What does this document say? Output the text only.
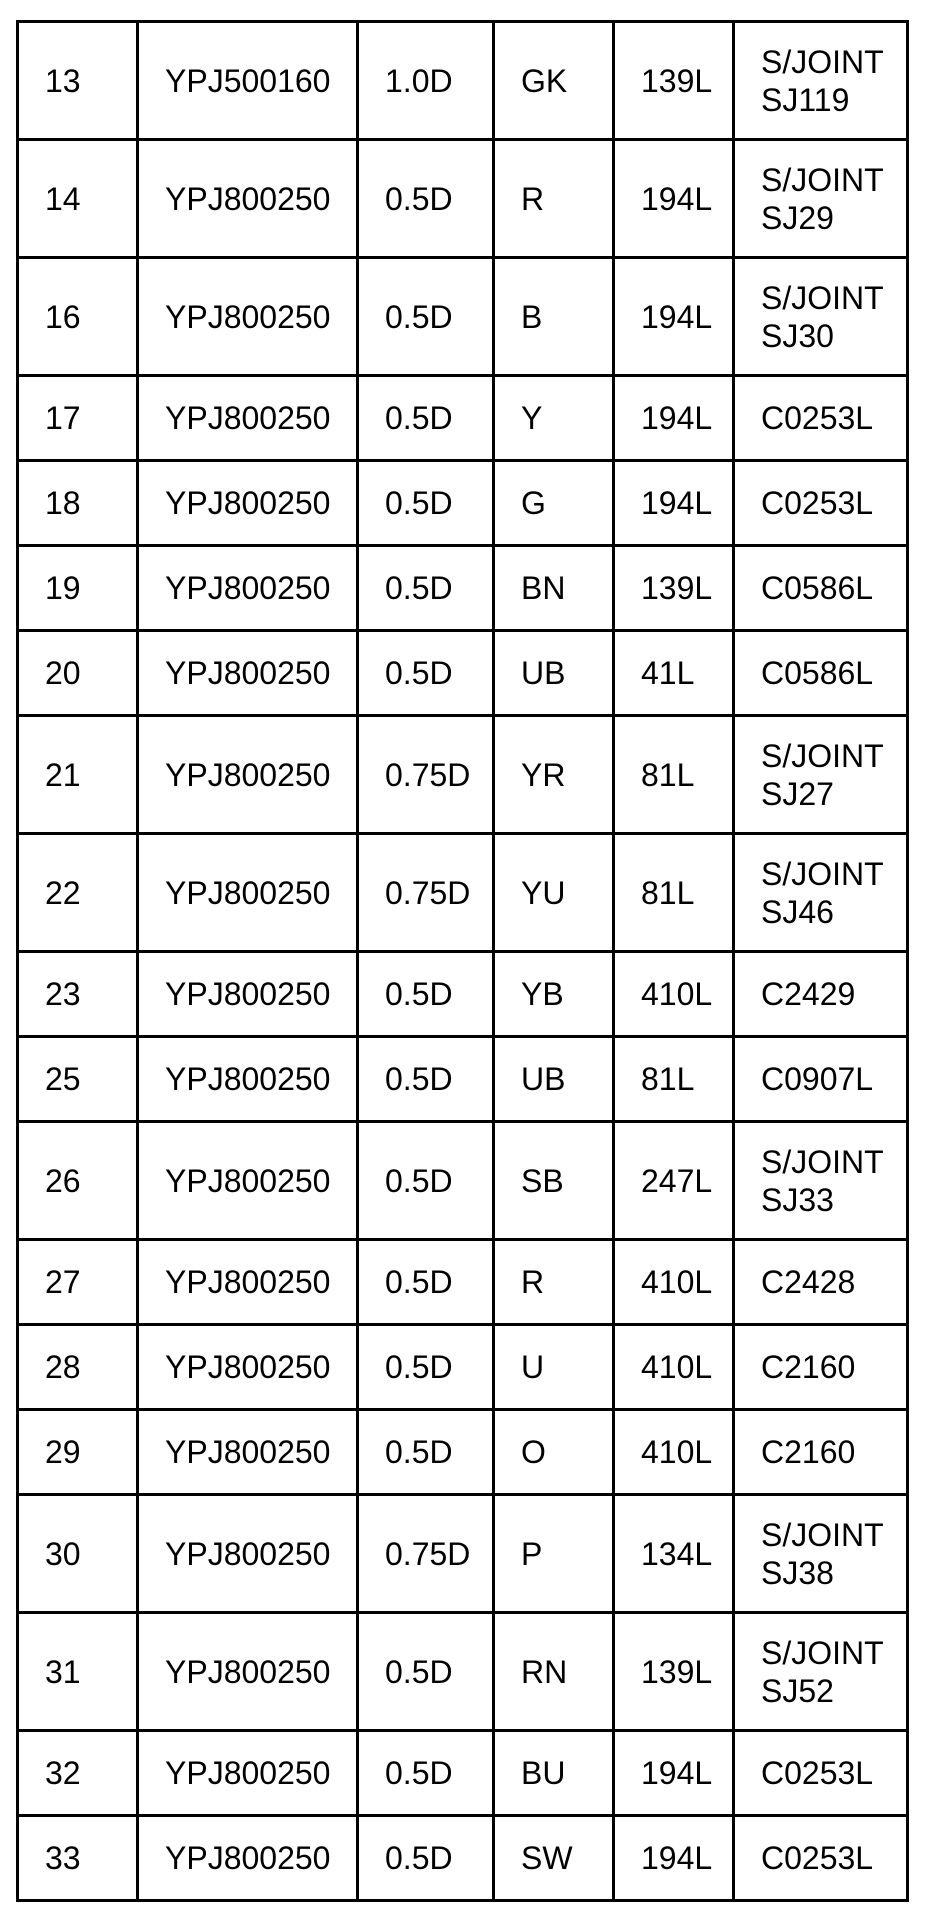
13	YPJ500160	1.0D	GK	139L	S/JOINT
SJ119

14	YPJ800250	0.5D	R	194L	S/JOINT
SJ29

16	YPJ800250	0.5D	B	194L	S/JOINT
SJ30

17	YPJ800250	0.5D	Y	194L	C0253L

18	YPJ800250	0.5D	G	194L	C0253L

19	YPJ800250	0.5D	BN	139L	C0586L

20	YPJ800250	0.5D	UB	41L	C0586L

21	YPJ800250	0.75D	YR	81L	S/JOINT
SJ27

22	YPJ800250	0.75D	YU	81L	S/JOINT
SJ46

23	YPJ800250	0.5D	YB	410L	C2429

25	YPJ800250	0.5D	UB	81L	C0907L

26	YPJ800250	0.5D	SB	247L	S/JOINT
SJ33

27	YPJ800250	0.5D	R	410L	C2428

28	YPJ800250	0.5D	U	410L	C2160

29	YPJ800250	0.5D	O	410L	C2160

30	YPJ800250	0.75D	P	134L	S/JOINT
SJ38

31	YPJ800250	0.5D	RN	139L	S/JOINT
SJ52

32	YPJ800250	0.5D	BU	194L	C0253L

33	YPJ800250	0.5D	SW	194L	C0253L
